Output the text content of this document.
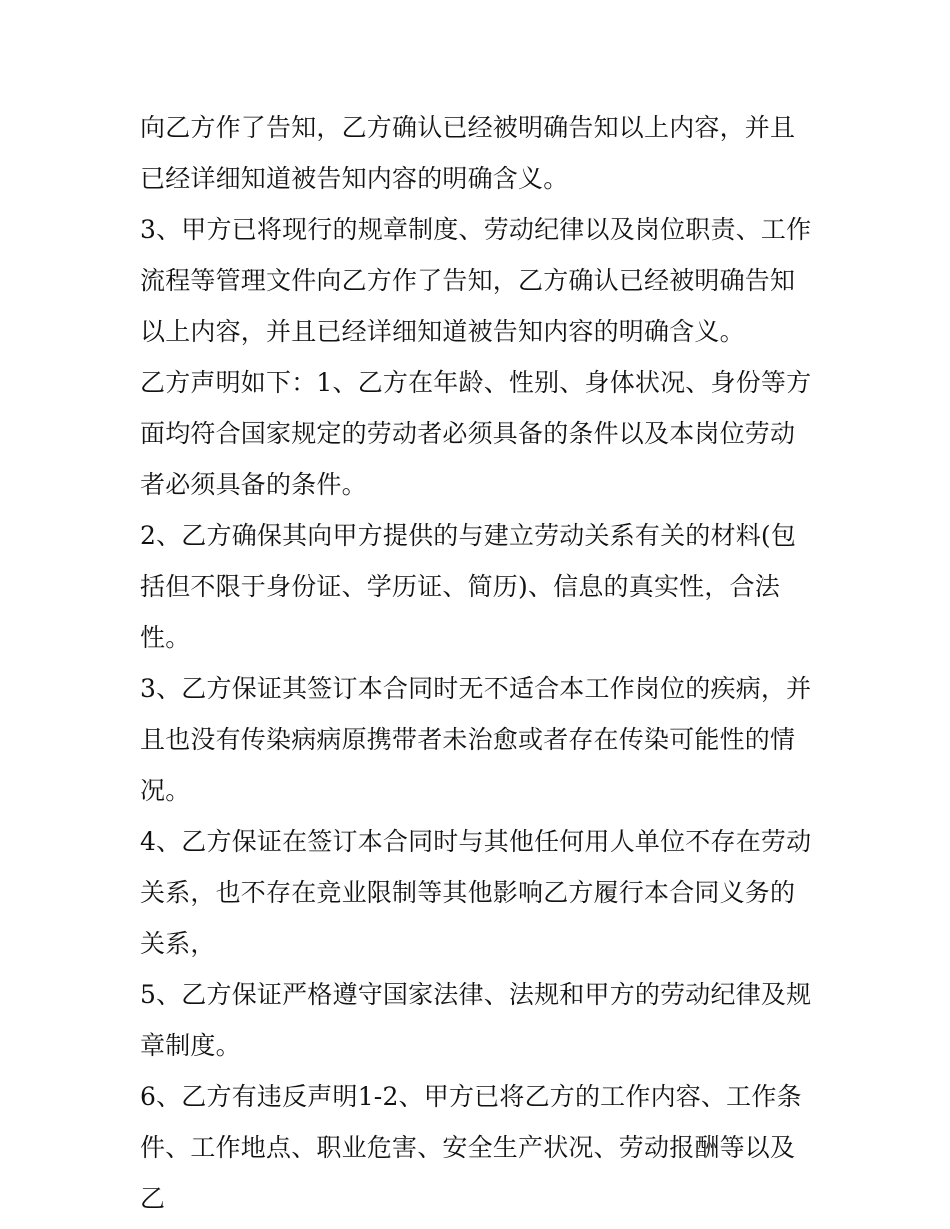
向乙方作了告知，乙方确认已经被明确告知以上内容，并且已经详细知道被告知内容的明确含义。

3、甲方已将现行的规章制度、劳动纪律以及岗位职责、工作流程等管理文件向乙方作了告知，乙方确认已经被明确告知以上内容，并且已经详细知道被告知内容的明确含义。

乙方声明如下：1、乙方在年龄、性别、身体状况、身份等方面均符合国家规定的劳动者必须具备的条件以及本岗位劳动者必须具备的条件。

2、乙方确保其向甲方提供的与建立劳动关系有关的材料(包括但不限于身份证、学历证、简历)、信息的真实性，合法性。

3、乙方保证其签订本合同时无不适合本工作岗位的疾病，并且也没有传染病病原携带者未治愈或者存在传染可能性的情况。

4、乙方保证在签订本合同时与其他任何用人单位不存在劳动关系，也不存在竞业限制等其他影响乙方履行本合同义务的关系，

5、乙方保证严格遵守国家法律、法规和甲方的劳动纪律及规章制度。

6、乙方有违反声明1-2、甲方已将乙方的工作内容、工作条件、工作地点、职业危害、安全生产状况、劳动报酬等以及乙
